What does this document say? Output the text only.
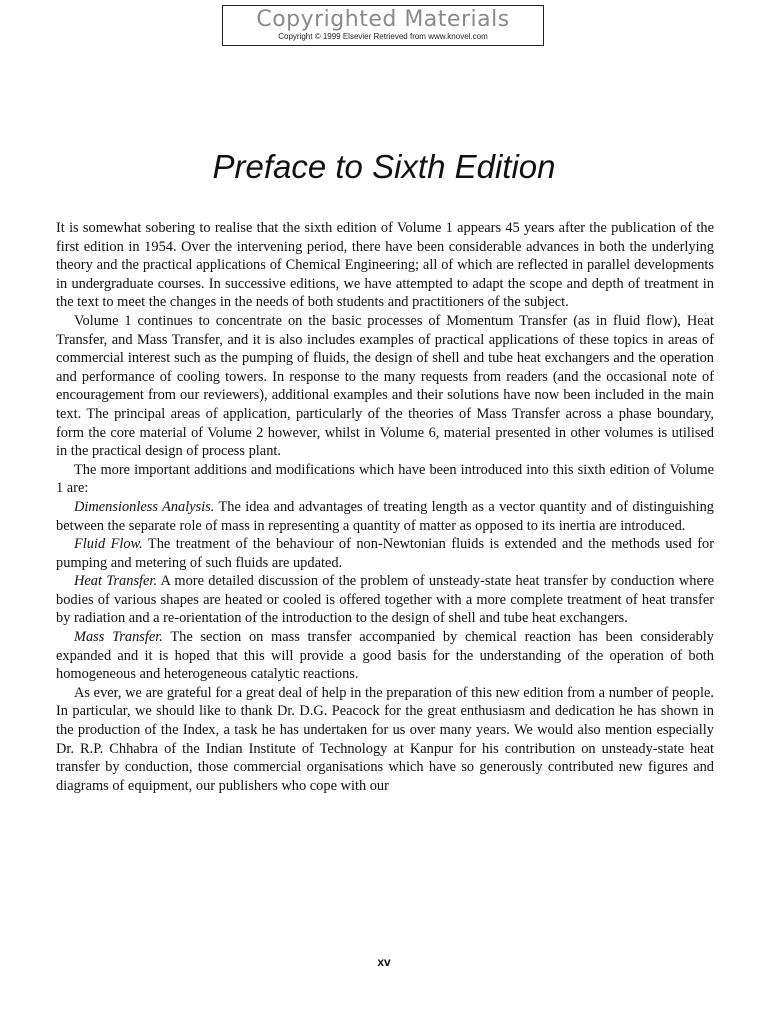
Copyrighted Materials
Copyright © 1999 Elsevier Retrieved from www.knovel.com
Preface to Sixth Edition

It is somewhat sobering to realise that the sixth edition of Volume 1 appears 45 years after the publication of the first edition in 1954. Over the intervening period, there have been considerable advances in both the underlying theory and the practical applications of Chemical Engineering; all of which are reflected in parallel developments in undergraduate courses. In successive editions, we have attempted to adapt the scope and depth of treatment in the text to meet the changes in the needs of both students and practitioners of the subject.

Volume 1 continues to concentrate on the basic processes of Momentum Transfer (as in fluid flow), Heat Transfer, and Mass Transfer, and it is also includes examples of practical applications of these topics in areas of commercial interest such as the pumping of fluids, the design of shell and tube heat exchangers and the operation and performance of cooling towers. In response to the many requests from readers (and the occasional note of encouragement from our reviewers), additional examples and their solutions have now been included in the main text. The principal areas of application, particularly of the theories of Mass Transfer across a phase boundary, form the core material of Volume 2 however, whilst in Volume 6, material presented in other volumes is utilised in the practical design of process plant.

The more important additions and modifications which have been introduced into this sixth edition of Volume 1 are:

Dimensionless Analysis. The idea and advantages of treating length as a vector quantity and of distinguishing between the separate role of mass in representing a quantity of matter as opposed to its inertia are introduced.

Fluid Flow. The treatment of the behaviour of non-Newtonian fluids is extended and the methods used for pumping and metering of such fluids are updated.

Heat Transfer. A more detailed discussion of the problem of unsteady-state heat transfer by conduction where bodies of various shapes are heated or cooled is offered together with a more complete treatment of heat transfer by radiation and a re-orientation of the introduction to the design of shell and tube heat exchangers.

Mass Transfer. The section on mass transfer accompanied by chemical reaction has been considerably expanded and it is hoped that this will provide a good basis for the understanding of the operation of both homogeneous and heterogeneous catalytic reactions.

As ever, we are grateful for a great deal of help in the preparation of this new edition from a number of people. In particular, we should like to thank Dr. D.G. Peacock for the great enthusiasm and dedication he has shown in the production of the Index, a task he has undertaken for us over many years. We would also mention especially Dr. R.P. Chhabra of the Indian Institute of Technology at Kanpur for his contribution on unsteady-state heat transfer by conduction, those commercial organisations which have so generously contributed new figures and diagrams of equipment, our publishers who cope with our

xv
